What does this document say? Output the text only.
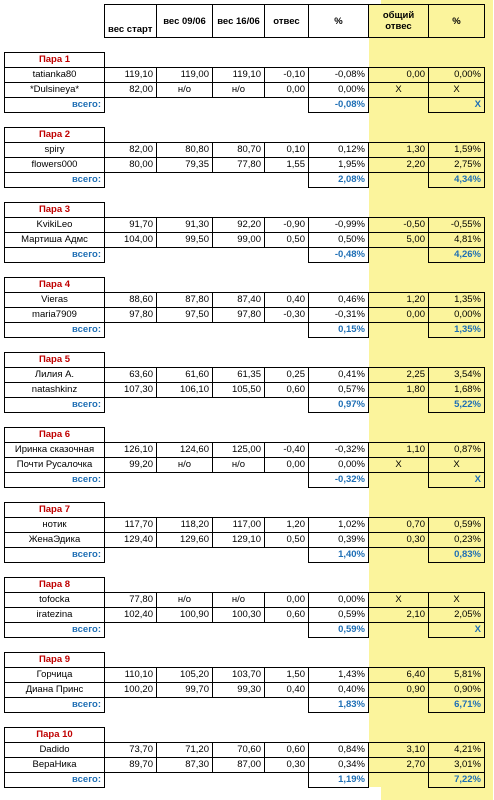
	вес старт	вес 09/06	вес 16/06	отвес	%	общий отвес	%

Пара 1							
tatianka80	119,10	119,00	119,10	-0,10	-0,08%	0,00	0,00%
*Dulsineya*	82,00	н/о	н/о	0,00	0,00%	X	X
всего:					-0,08%		X

Пара 2							
spiry	82,00	80,80	80,70	0,10	0,12%	1,30	1,59%
flowers000	80,00	79,35	77,80	1,55	1,95%	2,20	2,75%
всего:					2,08%		4,34%

Пара 3							
KvikiLeo	91,70	91,30	92,20	-0,90	-0,99%	-0,50	-0,55%
Мартиша Адмс	104,00	99,50	99,00	0,50	0,50%	5,00	4,81%
всего:					-0,48%		4,26%

Пара 4							
Vieras	88,60	87,80	87,40	0,40	0,46%	1,20	1,35%
maria7909	97,80	97,50	97,80	-0,30	-0,31%	0,00	0,00%
всего:					0,15%		1,35%

Пара 5							
Лилия А.	63,60	61,60	61,35	0,25	0,41%	2,25	3,54%
natashkinz	107,30	106,10	105,50	0,60	0,57%	1,80	1,68%
всего:					0,97%		5,22%

Пара 6							
Иринка сказочная	126,10	124,60	125,00	-0,40	-0,32%	1,10	0,87%
Почти Русалочка	99,20	н/о	н/о	0,00	0,00%	X	X
всего:					-0,32%		X

Пара 7							
нотик	117,70	118,20	117,00	1,20	1,02%	0,70	0,59%
ЖенаЭдика	129,40	129,60	129,10	0,50	0,39%	0,30	0,23%
всего:					1,40%		0,83%

Пара 8							
tofocka	77,80	н/о	н/о	0,00	0,00%	X	X
iratezina	102,40	100,90	100,30	0,60	0,59%	2,10	2,05%
всего:					0,59%		X

Пара 9							
Горчица	110,10	105,20	103,70	1,50	1,43%	6,40	5,81%
Диана Принс	100,20	99,70	99,30	0,40	0,40%	0,90	0,90%
всего:					1,83%		6,71%

Пара 10							
Dadido	73,70	71,20	70,60	0,60	0,84%	3,10	4,21%
ВераНика	89,70	87,30	87,00	0,30	0,34%	2,70	3,01%
всего:					1,19%		7,22%
